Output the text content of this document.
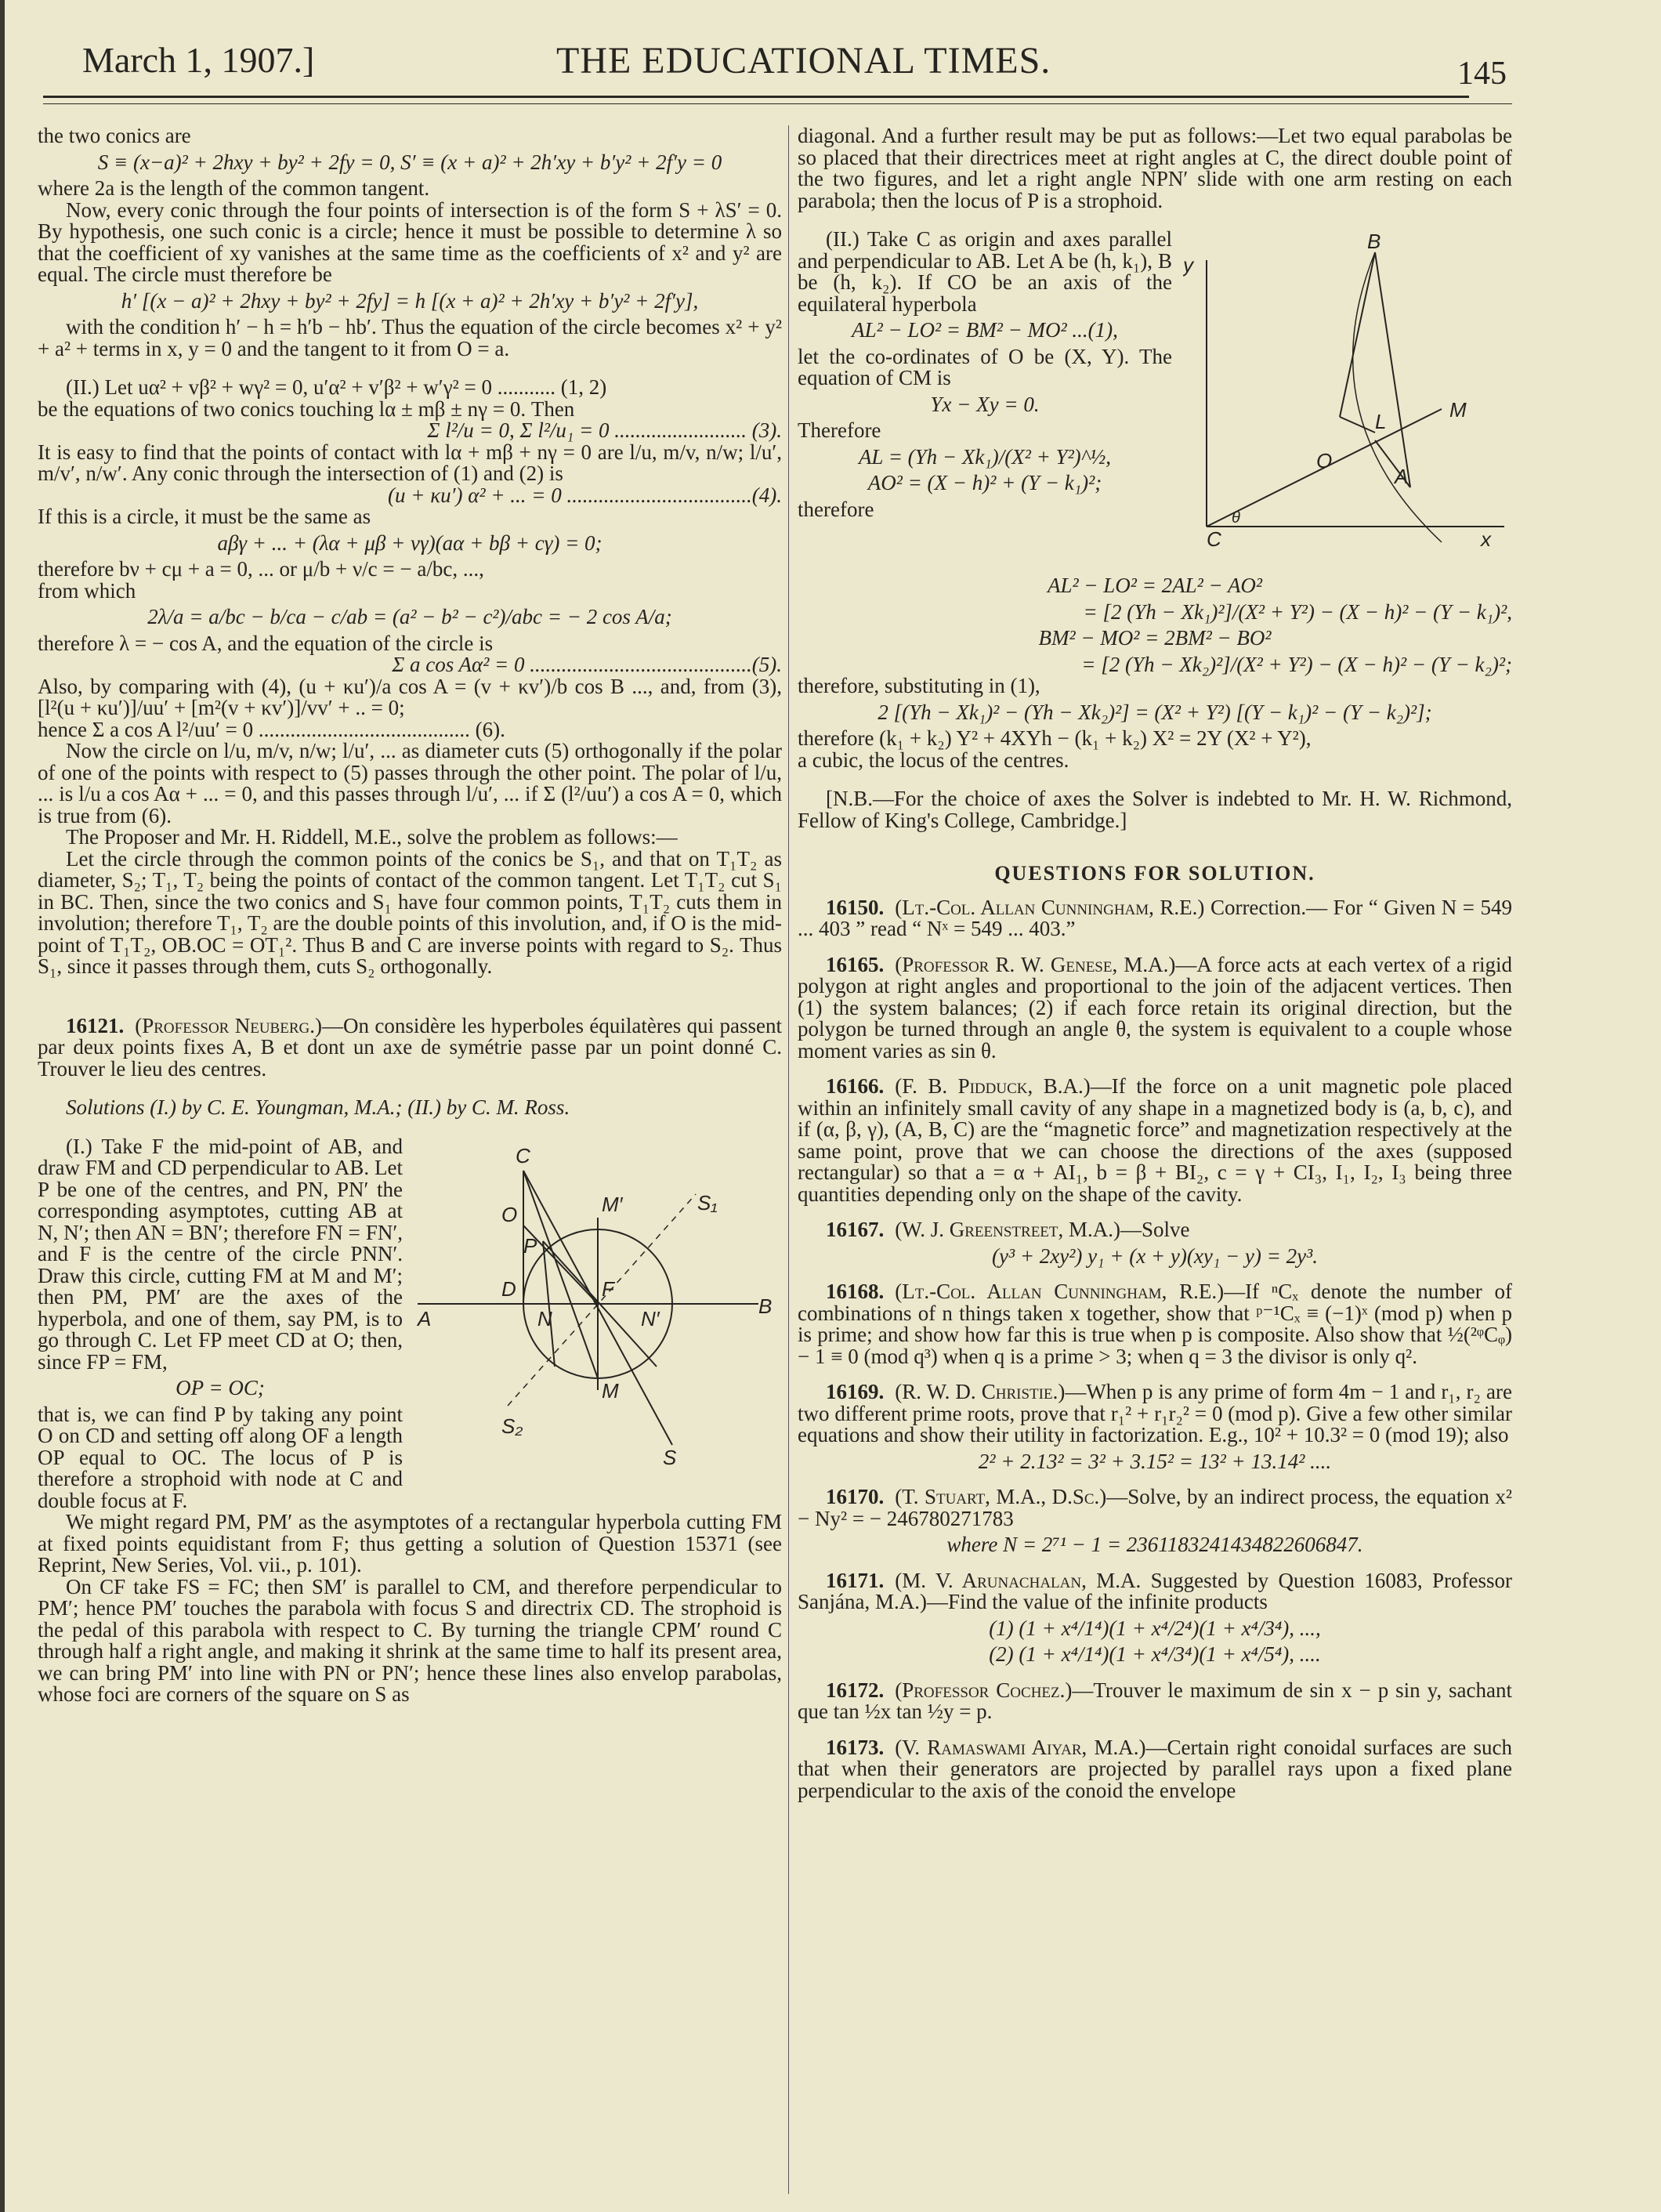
March 1, 1907.]	THE EDUCATIONAL TIMES.	145

the two conics are

S ≡ (x−a)² + 2hxy + by² + 2fy = 0, S′ ≡ (x + a)² + 2h′xy + b′y² + 2f′y = 0

where 2a is the length of the common tangent.

Now, every conic through the four points of intersection is of the form S + λS′ = 0. By hypothesis, one such conic is a circle; hence it must be possible to determine λ so that the coefficient of xy vanishes at the same time as the coefficients of x² and y² are equal. The circle must therefore be

h′ [(x − a)² + 2hxy + by² + 2fy] = h [(x + a)² + 2h′xy + b′y² + 2f′y],

with the condition h′ − h = h′b − hb′. Thus the equation of the circle becomes x² + y² + a² + terms in x, y = 0 and the tangent to it from O = a.

(II.) Let uα² + vβ² + wγ² = 0, u′α² + v′β² + w′γ² = 0 ........... (1, 2)

be the equations of two conics touching lα ± mβ ± nγ = 0. Then

Σ l²/u = 0, Σ l²/u₁ = 0 ......................... (3).

It is easy to find that the points of contact with lα + mβ + nγ = 0 are l/u, m/v, n/w; l/u′, m/v′, n/w′. Any conic through the intersection of (1) and (2) is

(u + κu′) α² + ... = 0 ...................................(4).

If this is a circle, it must be the same as

aβγ + ... + (λα + μβ + νγ)(aα + bβ + cγ) = 0;

therefore bν + cμ + a = 0, ... or μ/b + ν/c = − a/bc, ...,

from which

2λ/a = a/bc − b/ca − c/ab = (a² − b² − c²)/abc = − 2 cos A/a;

therefore λ = − cos A, and the equation of the circle is

Σ a cos Aα² = 0 ..........................................(5).

Also, by comparing with (4), (u + κu′)/a cos A = (v + κv′)/b cos B ..., and, from (3), [l²(u + κu′)]/uu′ + [m²(v + κv′)]/vv′ + .. = 0;

hence Σ a cos A l²/uu′ = 0 ........................................ (6).

Now the circle on l/u, m/v, n/w; l/u′, ... as diameter cuts (5) orthogonally if the polar of one of the points with respect to (5) passes through the other point. The polar of l/u, ... is l/u a cos Aα + ... = 0, and this passes through l/u′, ... if Σ (l²/uu′) a cos A = 0, which is true from (6).

The Proposer and Mr. H. Riddell, M.E., solve the problem as follows:—

Let the circle through the common points of the conics be S₁, and that on T₁T₂ as diameter, S₂; T₁, T₂ being the points of contact of the common tangent. Let T₁T₂ cut S₁ in BC. Then, since the two conics and S₁ have four common points, T₁T₂ cuts them in involution; therefore T₁, T₂ are the double points of this involution, and, if O is the mid-point of T₁T₂, OB.OC = OT₁². Thus B and C are inverse points with regard to S₂. Thus S₁, since it passes through them, cuts S₂ orthogonally.

16121. (Professor Neuberg.)—On considère les hyperboles équilatères qui passent par deux points fixes A, B et dont un axe de symétrie passe par un point donné C. Trouver le lieu des centres.

Solutions (I.) by C. E. Youngman, M.A.; (II.) by C. M. Ross.

C
O	M′	S₁
P
A
D
N
F
N′
B
S₂
M
S

(I.) Take F the mid-point of AB, and draw FM and CD perpendicular to AB. Let P be one of the centres, and PN, PN′ the corresponding asymptotes, cutting AB at N, N′; then AN = BN′; therefore FN = FN′, and F is the centre of the circle PNN′. Draw this circle, cutting FM at M and M′; then PM, PM′ are the axes of the hyperbola, and one of them, say PM, is to go through C. Let FP meet CD at O; then, since FP = FM,

OP = OC;

that is, we can find P by taking any point O on CD and setting off along OF a length OP equal to OC. The locus of P is therefore a strophoid with node at C and double focus at F.

We might regard PM, PM′ as the asymptotes of a rectangular hyperbola cutting FM at fixed points equidistant from F; thus getting a solution of Question 15371 (see Reprint, New Series, Vol. vii., p. 101).

On CF take FS = FC; then SM′ is parallel to CM, and therefore perpendicular to PM′; hence PM′ touches the parabola with focus S and directrix CD. The strophoid is the pedal of this parabola with respect to C. By turning the triangle CPM′ round C through half a right angle, and making it shrink at the same time to half its present area, we can bring PM′ into line with PN or PN′; hence these lines also envelop parabolas, whose foci are corners of the square on S as

diagonal. And a further result may be put as follows:—Let two equal parabolas be so placed that their directrices meet at right angles at C, the direct double point of the two figures, and let a right angle NPN′ slide with one arm resting on each parabola; then the locus of P is a strophoid.

y
B
M
L
O
A
C
θ
x

(II.) Take C as origin and axes parallel and perpendicular to AB. Let A be (h, k₁), B be (h, k₂). If CO be an axis of the equilateral hyperbola

AL² − LO² = BM² − MO² ...(1),

let the co-ordinates of O be (X, Y). The equation of CM is

Yx − Xy = 0.

Therefore

AL = (Yh − Xk₁)/(X² + Y²)^½,

AO² = (X − h)² + (Y − k₁)²;

therefore

AL² − LO² = 2AL² − AO²

= [2 (Yh − Xk₁)²]/(X² + Y²) − (X − h)² − (Y − k₁)²,

BM² − MO² = 2BM² − BO²

= [2 (Yh − Xk₂)²]/(X² + Y²) − (X − h)² − (Y − k₂)²;

therefore, substituting in (1),

2 [(Yh − Xk₁)² − (Yh − Xk₂)²] = (X² + Y²) [(Y − k₁)² − (Y − k₂)²];

therefore (k₁ + k₂) Y² + 4XYh − (k₁ + k₂) X² = 2Y (X² + Y²),

a cubic, the locus of the centres.

[N.B.—For the choice of axes the Solver is indebted to Mr. H. W. Richmond, Fellow of King's College, Cambridge.]

QUESTIONS FOR SOLUTION.

16150. (Lt.-Col. Allan Cunningham, R.E.) Correction.— For “ Given N = 549 ... 403 ” read “ Nˣ = 549 ... 403.”

16165. (Professor R. W. Genese, M.A.)—A force acts at each vertex of a rigid polygon at right angles and proportional to the join of the adjacent vertices. Then (1) the system balances; (2) if each force retain its original direction, but the polygon be turned through an angle θ, the system is equivalent to a couple whose moment varies as sin θ.

16166. (F. B. Pidduck, B.A.)—If the force on a unit magnetic pole placed within an infinitely small cavity of any shape in a magnetized body is (a, b, c), and if (α, β, γ), (A, B, C) are the “magnetic force” and magnetization respectively at the same point, prove that we can choose the directions of the axes (supposed rectangular) so that a = α + AI₁, b = β + BI₂, c = γ + CI₃, I₁, I₂, I₃ being three quantities depending only on the shape of the cavity.

16167. (W. J. Greenstreet, M.A.)—Solve

(y³ + 2xy²) y₁ + (x + y)(xy₁ − y) = 2y³.

16168. (Lt.-Col. Allan Cunningham, R.E.)—If ⁿCₓ denote the number of combinations of n things taken x together, show that ᵖ⁻¹Cₓ ≡ (−1)ˣ (mod p) when p is prime; and show how far this is true when p is composite. Also show that ½(²ᵠCᵩ) − 1 ≡ 0 (mod q³) when q is a prime > 3; when q = 3 the divisor is only q².

16169. (R. W. D. Christie.)—When p is any prime of form 4m − 1 and r₁, r₂ are two different prime roots, prove that r₁² + r₁r₂² = 0 (mod p). Give a few other similar equations and show their utility in factorization. E.g., 10² + 10.3² = 0 (mod 19); also

2² + 2.13² = 3² + 3.15² = 13² + 13.14² ....

16170. (T. Stuart, M.A., D.Sc.)—Solve, by an indirect process, the equation x² − Ny² = − 246780271783

where N = 2⁷¹ − 1 = 2361183241434822606847.

16171. (M. V. Arunachalan, M.A. Suggested by Question 16083, Professor Sanjána, M.A.)—Find the value of the infinite products

(1) (1 + x⁴/1⁴)(1 + x⁴/2⁴)(1 + x⁴/3⁴), ...,

(2) (1 + x⁴/1⁴)(1 + x⁴/3⁴)(1 + x⁴/5⁴), ....

16172. (Professor Cochez.)—Trouver le maximum de sin x − p sin y, sachant que tan ½x tan ½y = p.

16173. (V. Ramaswami Aiyar, M.A.)—Certain right conoidal surfaces are such that when their generators are projected by parallel rays upon a fixed plane perpendicular to the axis of the conoid the envelope
